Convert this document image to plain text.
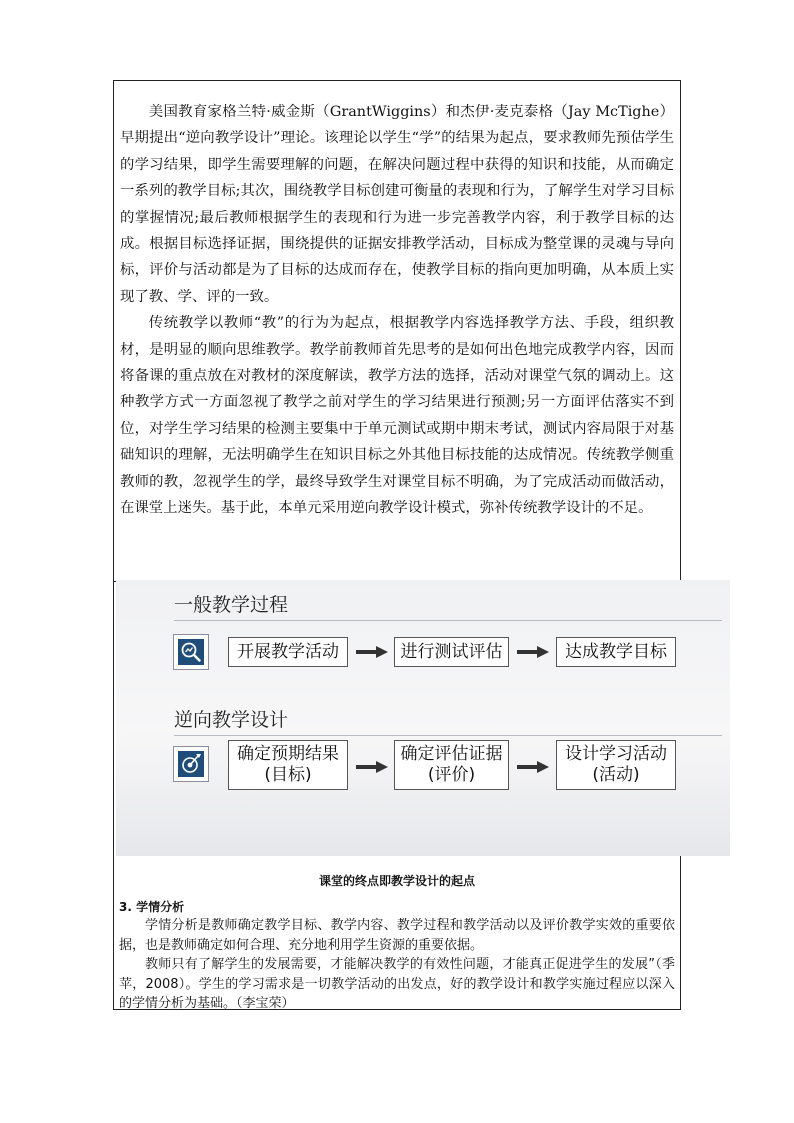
美国教育家格兰特·威金斯（GrantWiggins）和杰伊·麦克泰格（Jay McTighe）早期提出“逆向教学设计”理论。该理论以学生“学”的结果为起点，要求教师先预估学生的学习结果，即学生需要理解的问题，在解决问题过程中获得的知识和技能，从而确定一系列的教学目标;其次，围绕教学目标创建可衡量的表现和行为，了解学生对学习目标的掌握情况;最后教师根据学生的表现和行为进一步完善教学内容，利于教学目标的达成。根据目标选择证据，围绕提供的证据安排教学活动，目标成为整堂课的灵魂与导向标，评价与活动都是为了目标的达成而存在，使教学目标的指向更加明确，从本质上实现了教、学、评的一致。

传统教学以教师“教”的行为为起点，根据教学内容选择教学方法、手段，组织教材，是明显的顺向思维教学。教学前教师首先思考的是如何出色地完成教学内容，因而将备课的重点放在对教材的深度解读，教学方法的选择，活动对课堂气氛的调动上。这种教学方式一方面忽视了教学之前对学生的学习结果进行预测;另一方面评估落实不到位，对学生学习结果的检测主要集中于单元测试或期中期末考试，测试内容局限于对基础知识的理解，无法明确学生在知识目标之外其他目标技能的达成情况。传统教学侧重教师的教，忽视学生的学，最终导致学生对课堂目标不明确，为了完成活动而做活动，在课堂上迷失。基于此，本单元采用逆向教学设计模式，弥补传统教学设计的不足。

一般教学过程
开展教学活动	进行测试评估	达成教学目标
逆向教学设计
确定预期结果
(目标)
确定评估证据
(评价)
设计学习活动
(活动)
课堂的终点即教学设计的起点
3. 学情分析

学情分析是教师确定教学目标、教学内容、教学过程和教学活动以及评价教学实效的重要依据，也是教师确定如何合理、充分地利用学生资源的重要依据。

教师只有了解学生的发展需要，才能解决教学的有效性问题，才能真正促进学生的发展”（季苹，2008）。学生的学习需求是一切教学活动的出发点，好的教学设计和教学实施过程应以深入的学情分析为基础。（李宝荣）
